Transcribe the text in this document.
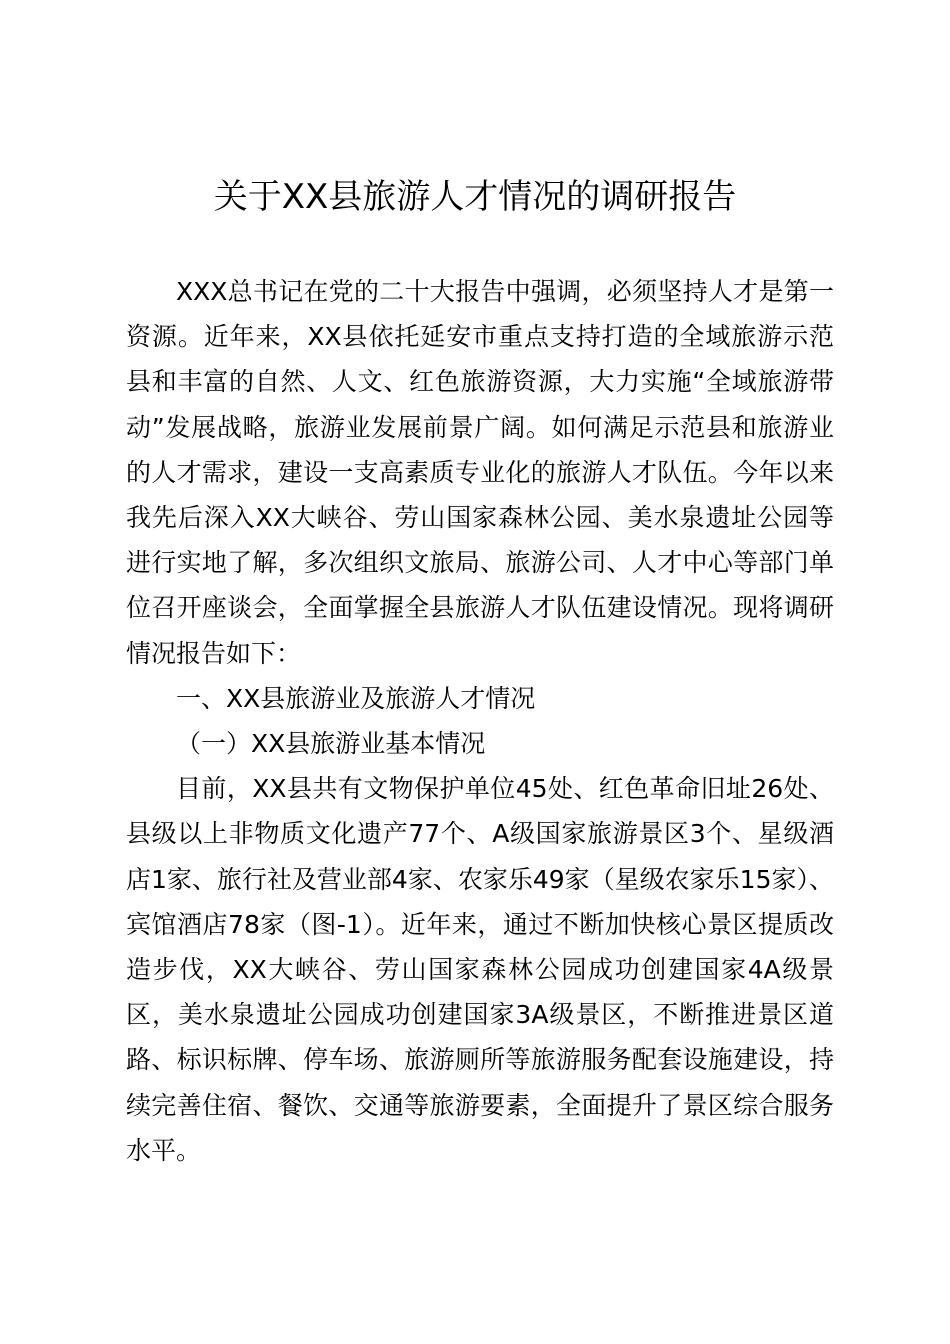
关于XX县旅游人才情况的调研报告

XXX总书记在党的二十大报告中强调，必须坚持人才是第一资源。近年来，XX县依托延安市重点支持打造的全域旅游示范县和丰富的自然、人文、红色旅游资源，大力实施“全域旅游带动”发展战略，旅游业发展前景广阔。如何满足示范县和旅游业的人才需求，建设一支高素质专业化的旅游人才队伍。今年以来我先后深入XX大峡谷、劳山国家森林公园、美水泉遗址公园等进行实地了解，多次组织文旅局、旅游公司、人才中心等部门单位召开座谈会，全面掌握全县旅游人才队伍建设情况。现将调研情况报告如下：

一、XX县旅游业及旅游人才情况

（一）XX县旅游业基本情况

目前，XX县共有文物保护单位45处、红色革命旧址26处、县级以上非物质文化遗产77个、A级国家旅游景区3个、星级酒店1家、旅行社及营业部4家、农家乐49家（星级农家乐15家）、宾馆酒店78家（图-1）。近年来，通过不断加快核心景区提质改造步伐，XX大峡谷、劳山国家森林公园成功创建国家4A级景区，美水泉遗址公园成功创建国家3A级景区，不断推进景区道路、标识标牌、停车场、旅游厕所等旅游服务配套设施建设，持续完善住宿、餐饮、交通等旅游要素，全面提升了景区综合服务水平。
